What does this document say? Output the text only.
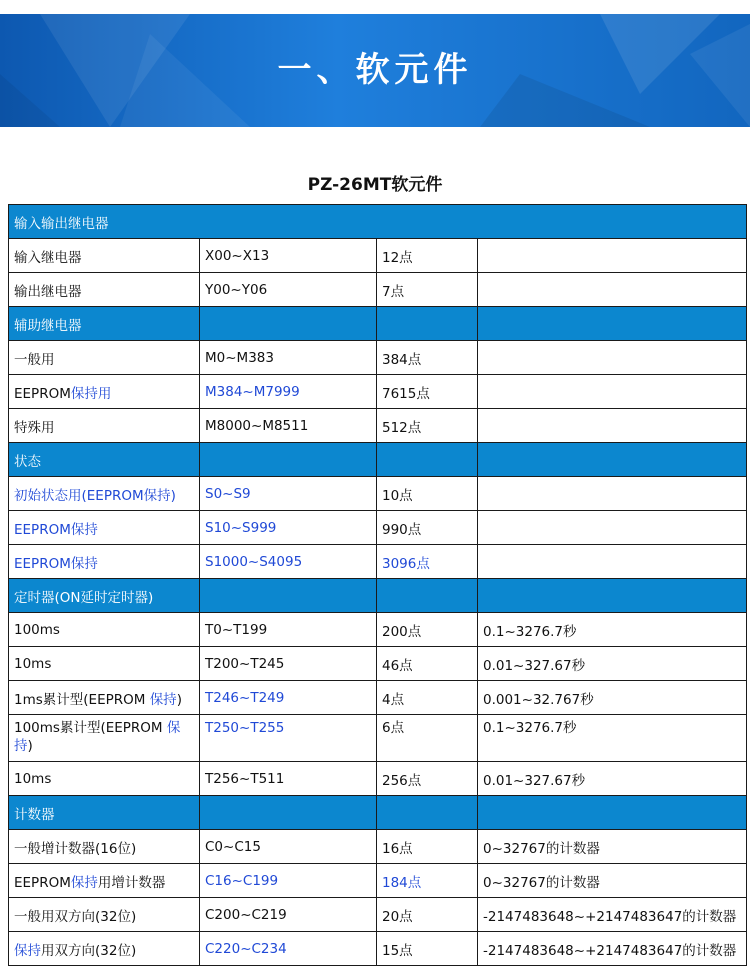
一、软元件
PZ-26MT软元件
输入输出继电器			
输入继电器	X00~X13	12点	
输出继电器	Y00~Y06	7点	
辅助继电器			
一般用	M0~M383	384点	
EEPROM保持用	M384~M7999	7615点	
特殊用	M8000~M8511	512点	
状态			
初始状态用(EEPROM保持)	S0~S9	10点	
EEPROM保持	S10~S999	990点	
EEPROM保持	S1000~S4095	3096点	
定时器(ON延时定时器)			
100ms	T0~T199	200点	0.1~3276.7秒
10ms	T200~T245	46点	0.01~327.67秒
1ms累计型(EEPROM 保持)	T246~T249	4点	0.001~32.767秒
100ms累计型(EEPROM 保持)	T250~T255	6点	0.1~3276.7秒
10ms	T256~T511	256点	0.01~327.67秒
计数器			
一般增计数器(16位)	C0~C15	16点	0~32767的计数器
EEPROM保持用增计数器	C16~C199	184点	0~32767的计数器
一般用双方向(32位)	C200~C219	20点	-2147483648~+2147483647的计数器
保持用双方向(32位)	C220~C234	15点	-2147483648~+2147483647的计数器
